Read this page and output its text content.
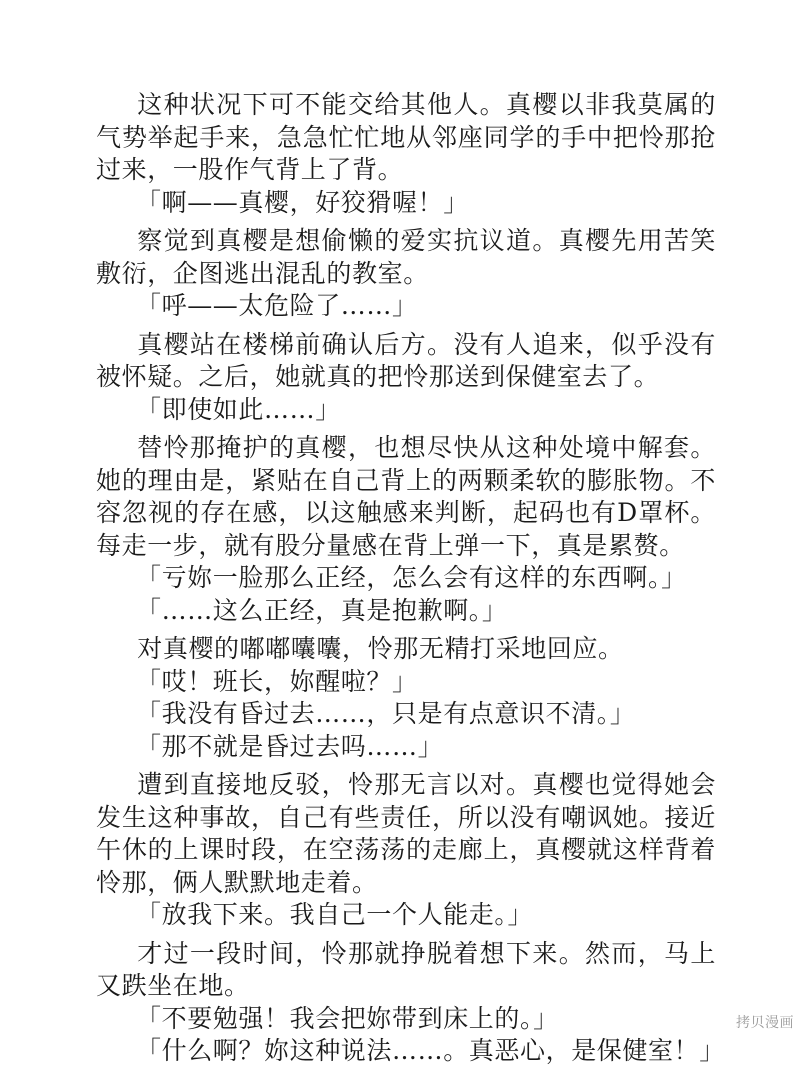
这种状况下可不能交给其他人。真樱以非我莫属的气势举起手来，急急忙忙地从邻座同学的手中把怜那抢过来，一股作气背上了背。

「啊——真樱，好狡猾喔！」

察觉到真樱是想偷懒的爱实抗议道。真樱先用苦笑敷衍，企图逃出混乱的教室。

「呼——太危险了……」

真樱站在楼梯前确认后方。没有人追来，似乎没有被怀疑。之后，她就真的把怜那送到保健室去了。

「即使如此……」

替怜那掩护的真樱，也想尽快从这种处境中解套。她的理由是，紧贴在自己背上的两颗柔软的膨胀物。不容忽视的存在感，以这触感来判断，起码也有D罩杯。每走一步，就有股分量感在背上弹一下，真是累赘。

「亏妳一脸那么正经，怎么会有这样的东西啊。」

「……这么正经，真是抱歉啊。」

对真樱的嘟嘟囔囔，怜那无精打采地回应。

「哎！班长，妳醒啦？」

「我没有昏过去……，只是有点意识不清。」

「那不就是昏过去吗……」

遭到直接地反驳，怜那无言以对。真樱也觉得她会发生这种事故，自己有些责任，所以没有嘲讽她。接近午休的上课时段，在空荡荡的走廊上，真樱就这样背着怜那，俩人默默地走着。

「放我下来。我自己一个人能走。」

才过一段时间，怜那就挣脱着想下来。然而，马上又跌坐在地。

「不要勉强！我会把妳带到床上的。」

「什么啊？妳这种说法……。真恶心，是保健室！」

拷贝漫画
